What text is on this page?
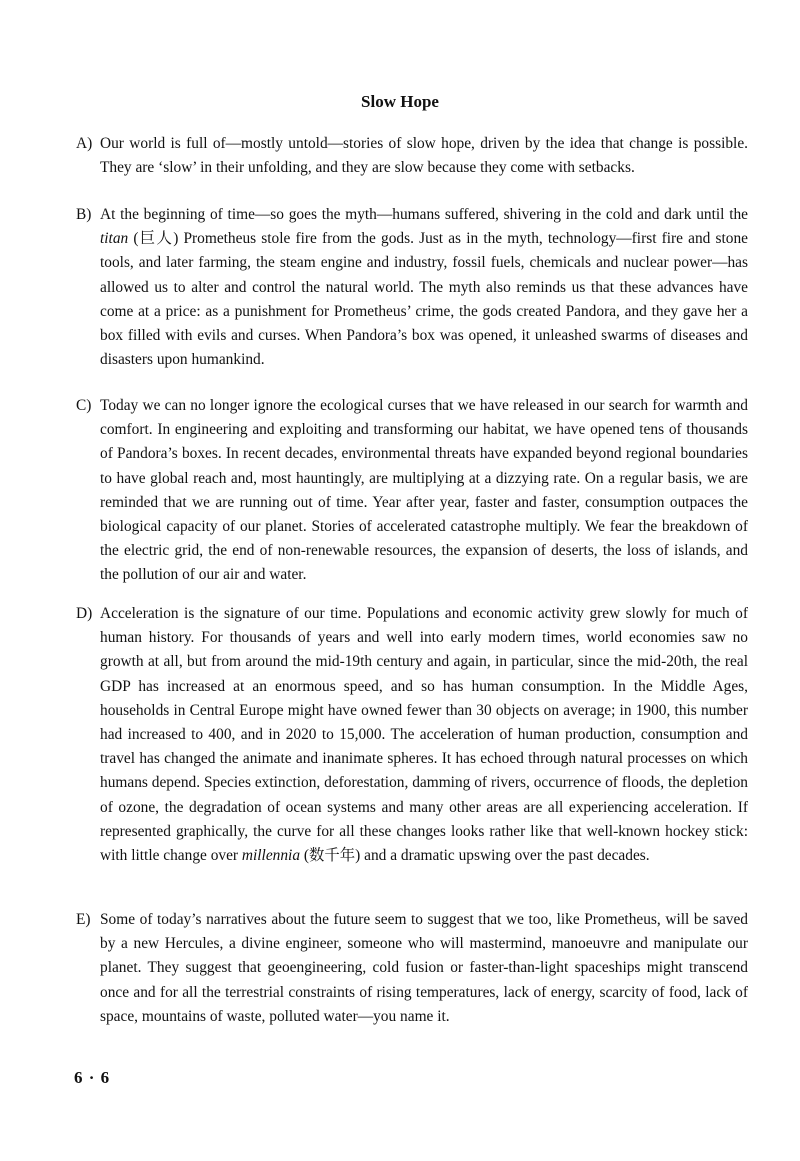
Slow Hope
A) Our world is full of—mostly untold—stories of slow hope, driven by the idea that change is possible. They are ‘slow’ in their unfolding, and they are slow because they come with setbacks.
B) At the beginning of time—so goes the myth—humans suffered, shivering in the cold and dark until the titan (巨人) Prometheus stole fire from the gods. Just as in the myth, technology—first fire and stone tools, and later farming, the steam engine and industry, fossil fuels, chemicals and nuclear power—has allowed us to alter and control the natural world. The myth also reminds us that these advances have come at a price: as a punishment for Prometheus’ crime, the gods created Pandora, and they gave her a box filled with evils and curses. When Pandora’s box was opened, it unleashed swarms of diseases and disasters upon humankind.
C) Today we can no longer ignore the ecological curses that we have released in our search for warmth and comfort. In engineering and exploiting and transforming our habitat, we have opened tens of thousands of Pandora’s boxes. In recent decades, environmental threats have expanded beyond regional boundaries to have global reach and, most hauntingly, are multiplying at a dizzying rate. On a regular basis, we are reminded that we are running out of time. Year after year, faster and faster, consumption outpaces the biological capacity of our planet. Stories of accelerated catastrophe multiply. We fear the breakdown of the electric grid, the end of non-renewable resources, the expansion of deserts, the loss of islands, and the pollution of our air and water.
D) Acceleration is the signature of our time. Populations and economic activity grew slowly for much of human history. For thousands of years and well into early modern times, world economies saw no growth at all, but from around the mid-19th century and again, in particular, since the mid-20th, the real GDP has increased at an enormous speed, and so has human consumption. In the Middle Ages, households in Central Europe might have owned fewer than 30 objects on average; in 1900, this number had increased to 400, and in 2020 to 15,000. The acceleration of human production, consumption and travel has changed the animate and inanimate spheres. It has echoed through natural processes on which humans depend. Species extinction, deforestation, damming of rivers, occurrence of floods, the depletion of ozone, the degradation of ocean systems and many other areas are all experiencing acceleration. If represented graphically, the curve for all these changes looks rather like that well-known hockey stick: with little change over millennia (数千年) and a dramatic upswing over the past decades.
E) Some of today’s narratives about the future seem to suggest that we too, like Prometheus, will be saved by a new Hercules, a divine engineer, someone who will mastermind, manoeuvre and manipulate our planet. They suggest that geoengineering, cold fusion or faster-than-light spaceships might transcend once and for all the terrestrial constraints of rising temperatures, lack of energy, scarcity of food, lack of space, mountains of waste, polluted water—you name it.
6 · 6
